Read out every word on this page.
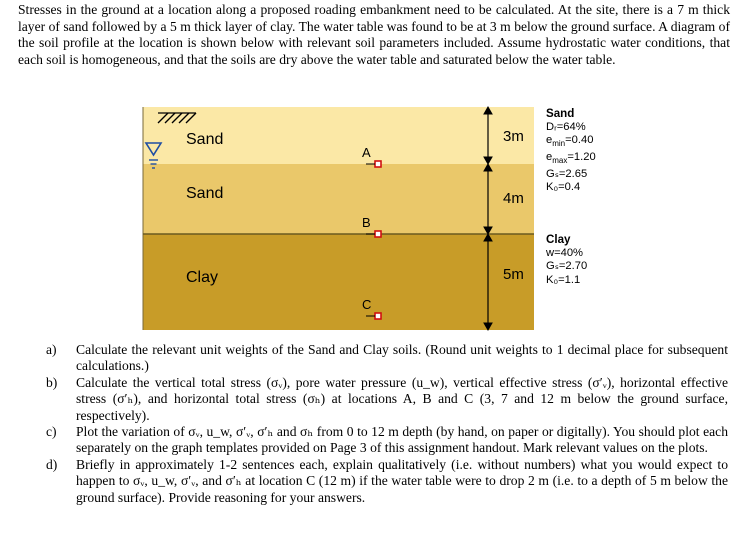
Stresses in the ground at a location along a proposed roading embankment need to be calculated. At the site, there is a 7 m thick layer of sand followed by a 5 m thick layer of clay. The water table was found to be at 3 m below the ground surface. A diagram of the soil profile at the location is shown below with relevant soil parameters included. Assume hydrostatic water conditions, that each soil is homogeneous, and that the soils are dry above the water table and saturated below the water table.
Sand
Sand
Clay
3m
4m
5m
A
B
C
Sand
Dᵣ=64%
$e_{min}=0.40$
$e_{max}=1.20$
Gₛ=2.65
K₀=0.4
Clay
w=40%
Gₛ=2.70
K₀=1.1
a) Calculate the relevant unit weights of the Sand and Clay soils. (Round unit weights to 1 decimal place for subsequent calculations.)
b) Calculate the vertical total stress (σᵥ), pore water pressure (u_w), vertical effective stress (σ′ᵥ), horizontal effective stress (σ′ₕ), and horizontal total stress (σₕ) at locations A, B and C (3, 7 and 12 m below the ground surface, respectively).
c) Plot the variation of σᵥ, u_w, σ′ᵥ, σ′ₕ and σₕ from 0 to 12 m depth (by hand, on paper or digitally). You should plot each separately on the graph templates provided on Page 3 of this assignment handout. Mark relevant values on the plots.
d) Briefly in approximately 1-2 sentences each, explain qualitatively (i.e. without numbers) what you would expect to happen to σᵥ, u_w, σ′ᵥ, and σ′ₕ at location C (12 m) if the water table were to drop 2 m (i.e. to a depth of 5 m below the ground surface). Provide reasoning for your answers.
